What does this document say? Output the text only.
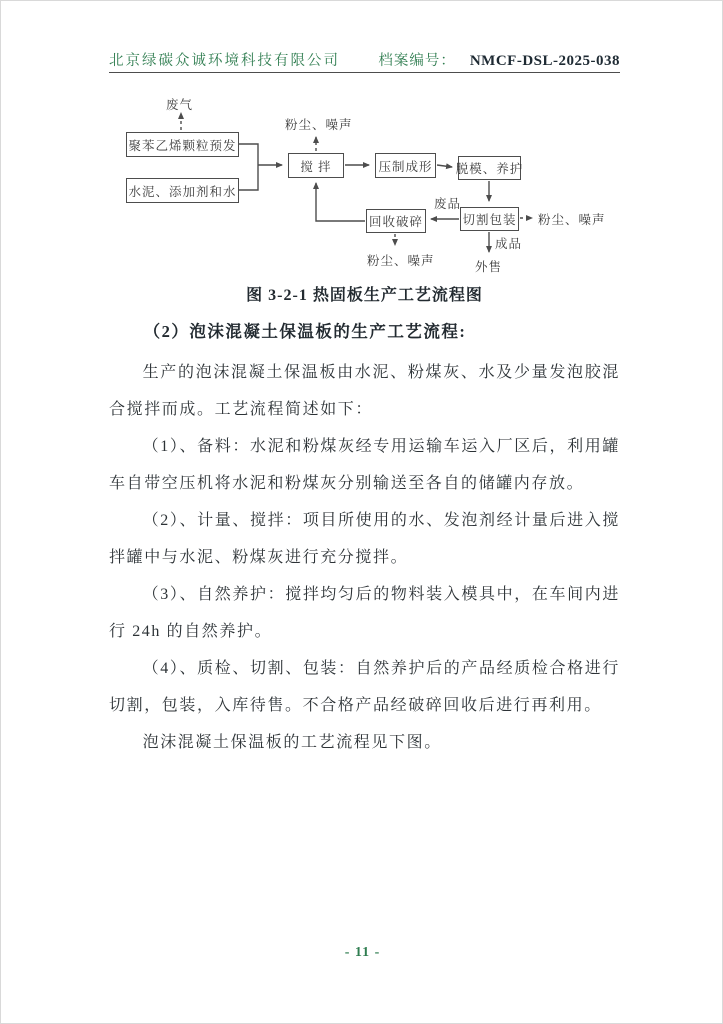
北京绿碳众诚环境科技有限公司	档案编号： NMCF-DSL-2025-038
聚苯乙烯颗粒预发
水泥、添加剂和水
搅 拌	压制成形 脱模、养护
切割包装
回收破碎
废气
粉尘、噪声
废品
粉尘、噪声
成品
外售
粉尘、噪声

图 3-2-1 热固板生产工艺流程图

（2）泡沫混凝土保温板的生产工艺流程:

生产的泡沫混凝土保温板由水泥、粉煤灰、水及少量发泡胶混合搅拌而成。工艺流程简述如下：

（1）、备料：水泥和粉煤灰经专用运输车运入厂区后，利用罐车自带空压机将水泥和粉煤灰分别输送至各自的储罐内存放。

（2）、计量、搅拌：项目所使用的水、发泡剂经计量后进入搅拌罐中与水泥、粉煤灰进行充分搅拌。

（3）、自然养护：搅拌均匀后的物料装入模具中，在车间内进行 24h 的自然养护。

（4）、质检、切割、包装：自然养护后的产品经质检合格进行切割，包装，入库待售。不合格产品经破碎回收后进行再利用。

泡沫混凝土保温板的工艺流程见下图。

- 11 -
